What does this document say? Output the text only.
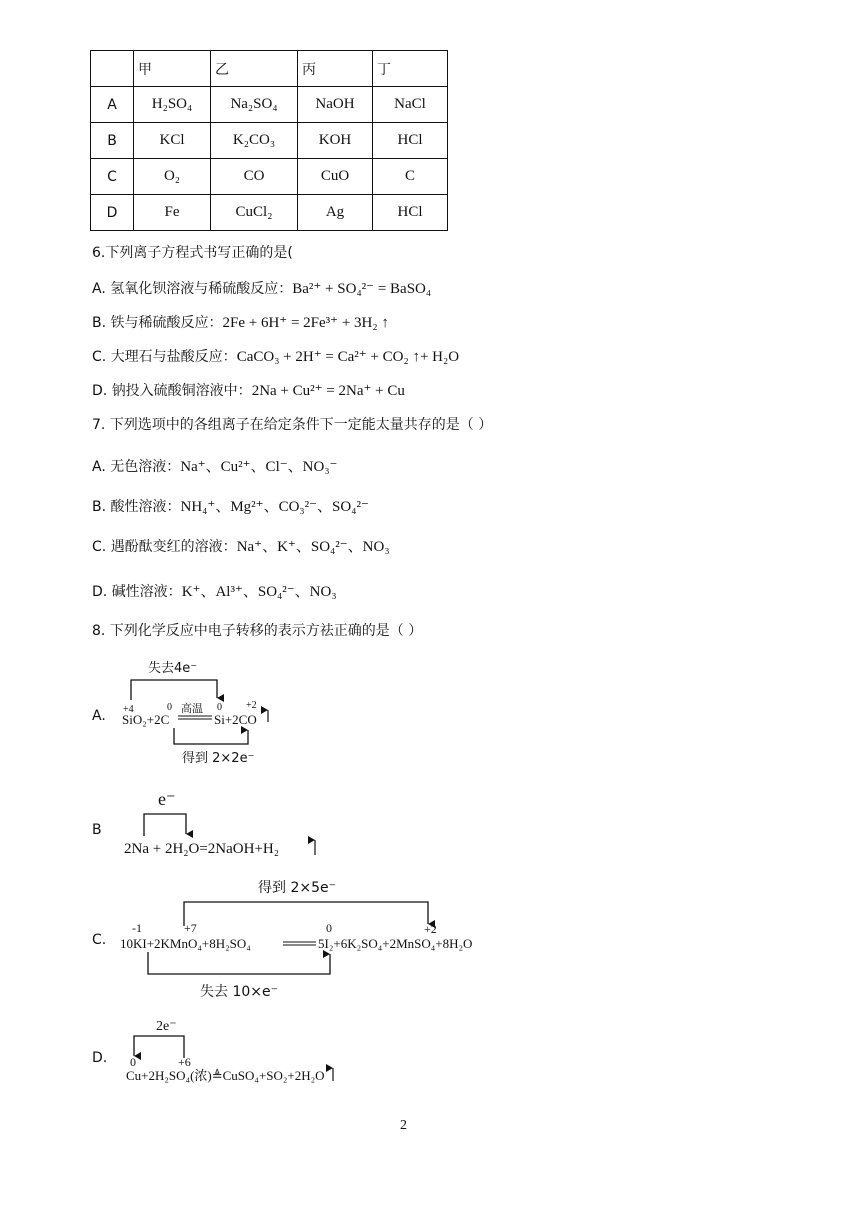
	甲	乙	丙	丁
A	H₂SO₄	Na₂SO₄	NaOH	NaCl
B	KCl	K₂CO₃	KOH	HCl
C	O₂	CO	CuO	C
D	Fe	CuCl₂	Ag	HCl
6.下列离子方程式书写正确的是(
A. 氢氧化钡溶液与稀硫酸反应：Ba²⁺ + SO₄²⁻ = BaSO₄
B. 铁与稀硫酸反应：2Fe + 6H⁺ = 2Fe³⁺ + 3H₂ ↑
C. 大理石与盐酸反应：CaCO₃ + 2H⁺ = Ca²⁺ + CO₂ ↑+ H₂O
D. 钠投入硫酸铜溶液中：2Na + Cu²⁺ = 2Na⁺ + Cu
7. 下列选项中的各组离子在给定条件下一定能太量共存的是（ ）
A. 无色溶液：Na⁺、Cu²⁺、Cl⁻、NO₃⁻
B. 酸性溶液：NH₄⁺、Mg²⁺、CO₃²⁻、SO₄²⁻
C. 遇酚酞变红的溶液：Na⁺、K⁺、SO₄²⁻、NO₃
D. 碱性溶液：K⁺、Al³⁺、SO₄²⁻、NO₃
8. 下列化学反应中电子转移的表示方祛正确的是（ ）
A.
失去4e⁻
+4	0	0 +2
高温
SiO₂+2C	Si+2CO
得到 2×2e⁻
B
e⁻
2Na + 2H₂O=2NaOH+H₂
C.
得到 2×5e⁻
-1	+7	0	+2
10KI+2KMnO₄+8H₂SO₄	5I₂+6K₂SO₄+2MnSO₄+8H₂O
失去 10×e⁻
D.
2e⁻
0	+6
Cu+2H₂SO₄(浓)≜CuSO₄+SO₂+2H₂O
2
